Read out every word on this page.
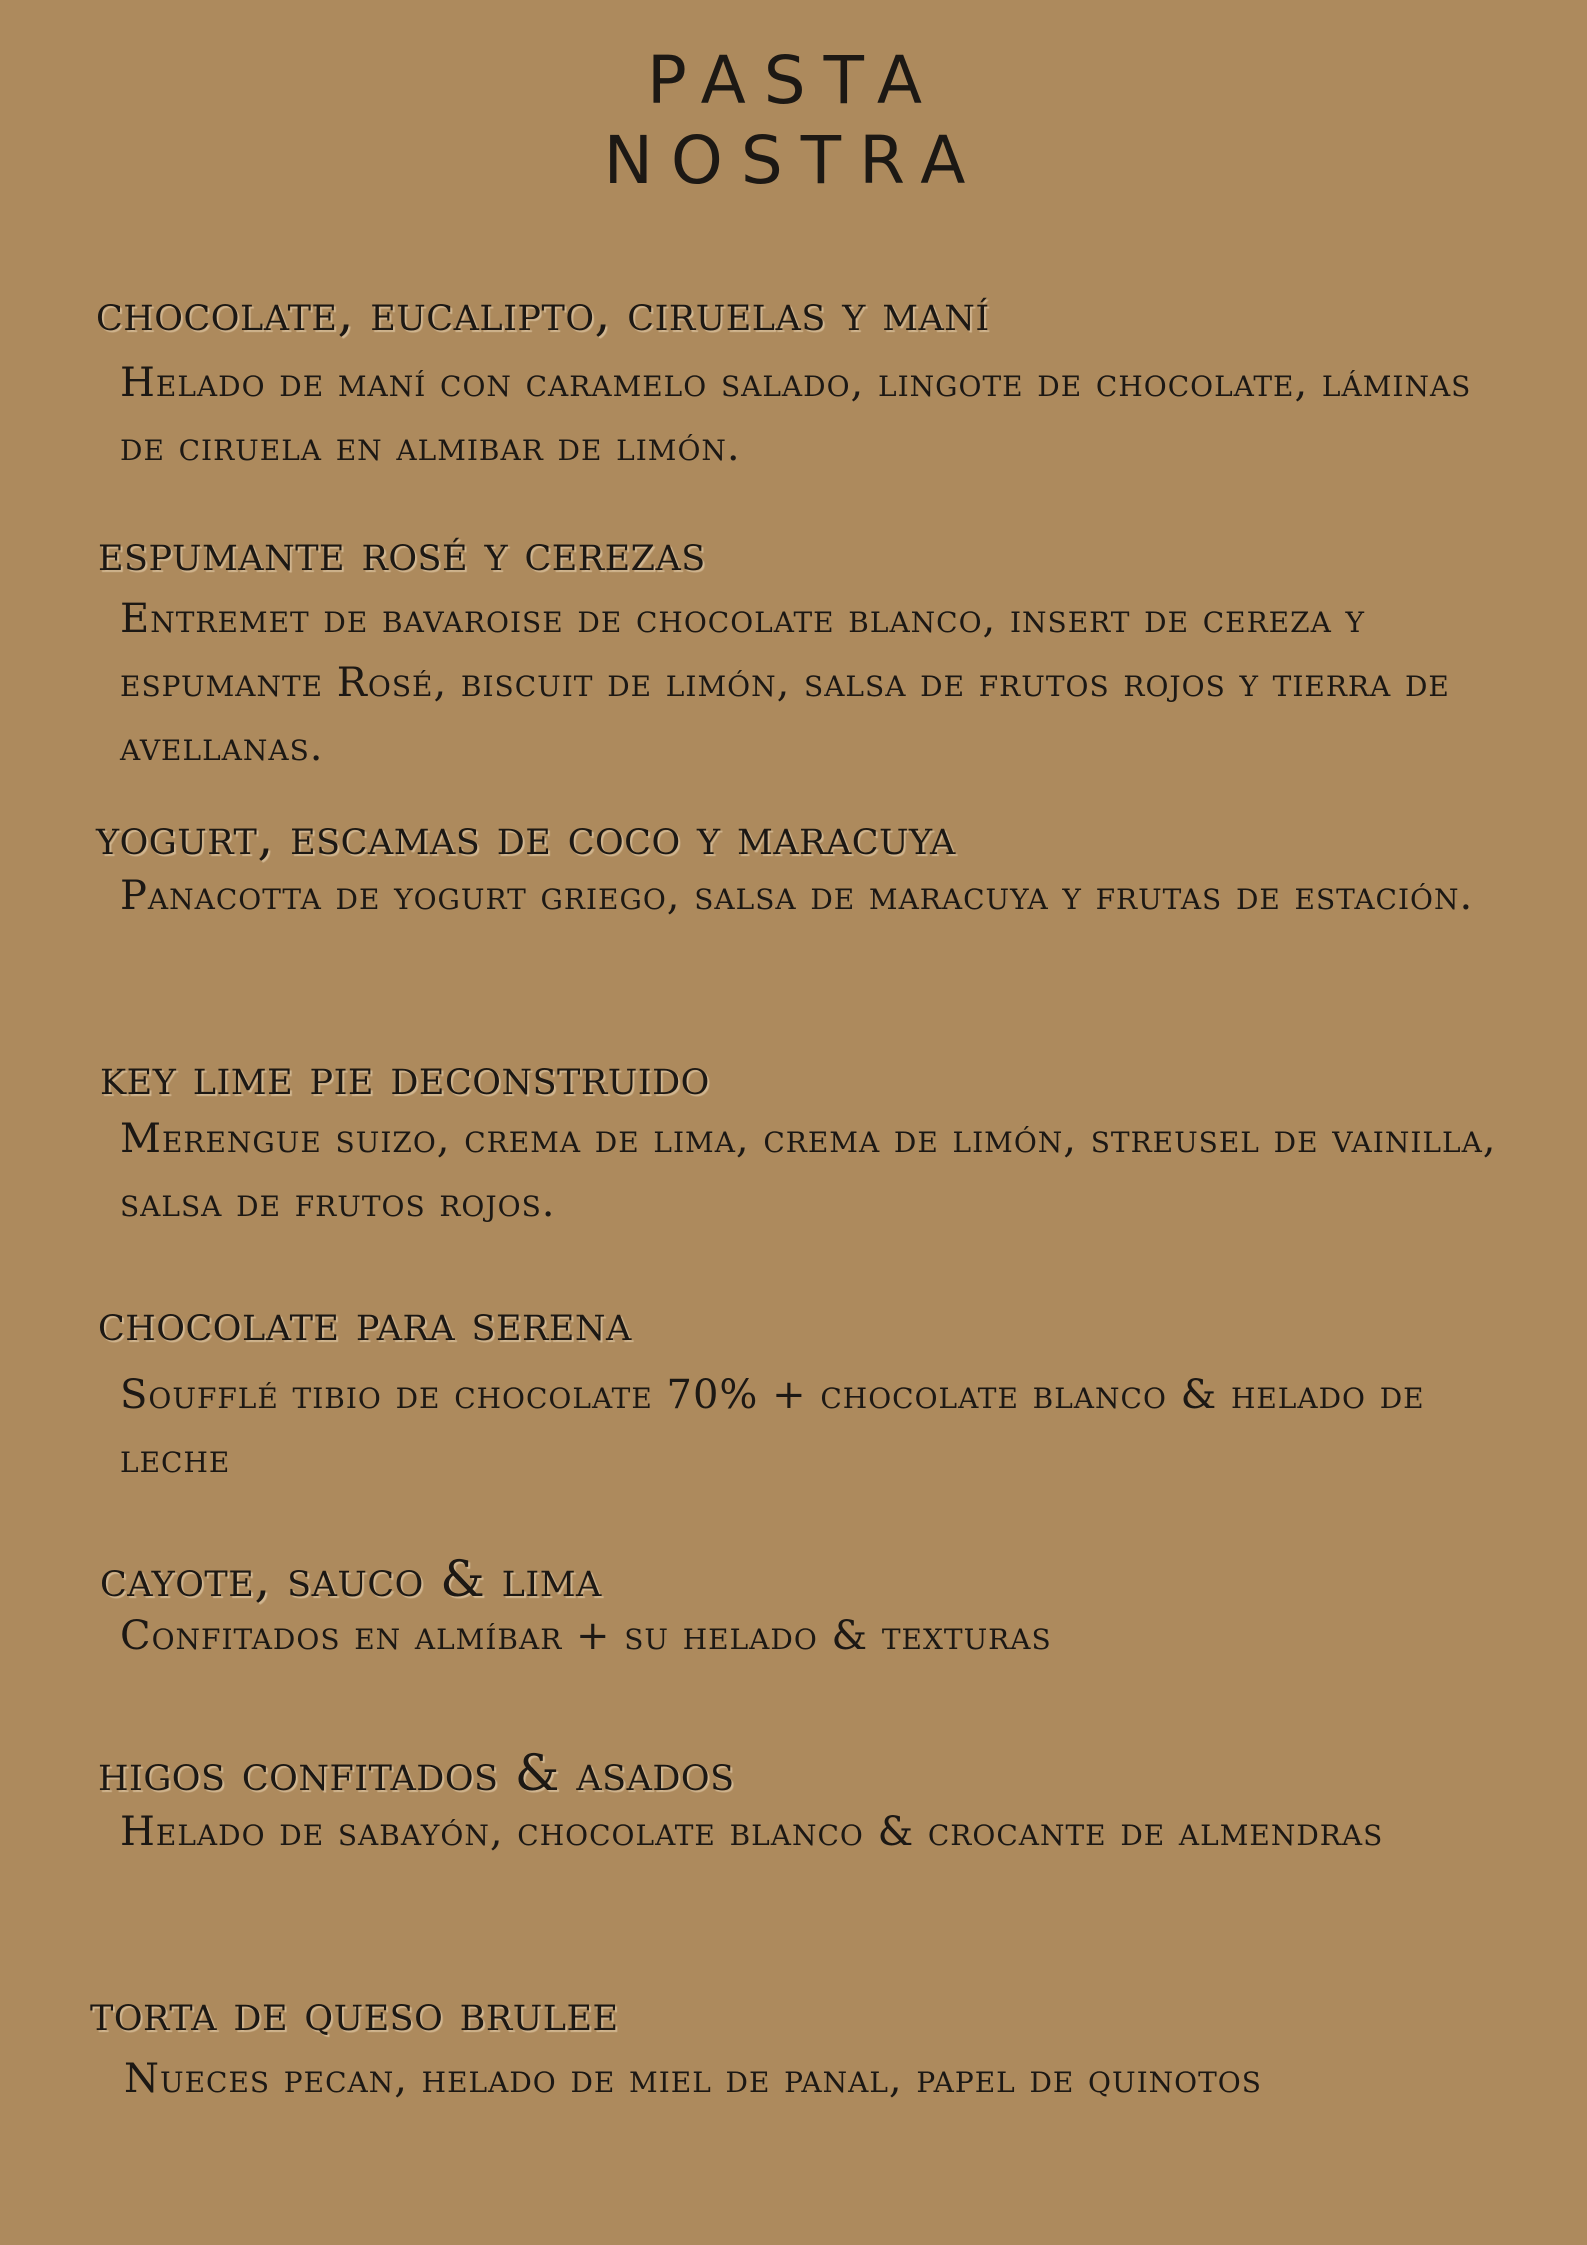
PASTA
NOSTRA
chocolate, eucalipto, ciruelas y maní

Helado de maní con caramelo salado, lingote de chocolate, láminas de ciruela en almibar de limón.

espumante rosé y cerezas

Entremet de bavaroise de chocolate blanco, insert de cereza y espumante Rosé, biscuit de limón, salsa de frutos rojos y tierra de avellanas.

yogurt, escamas de coco y maracuya

Panacotta de yogurt griego, salsa de maracuya y frutas de estación.

key lime pie deconstruido

Merengue suizo, crema de lima, crema de limón, streusel de vainilla, salsa de frutos rojos.

chocolate para serena

Soufflé tibio de chocolate 70% + chocolate blanco & helado de leche

cayote, sauco & lima

Confitados en almíbar + su helado & texturas

higos confitados & asados

Helado de sabayón, chocolate blanco & crocante de almendras

torta de queso brulee

Nueces pecan, helado de miel de panal, papel de quinotos
